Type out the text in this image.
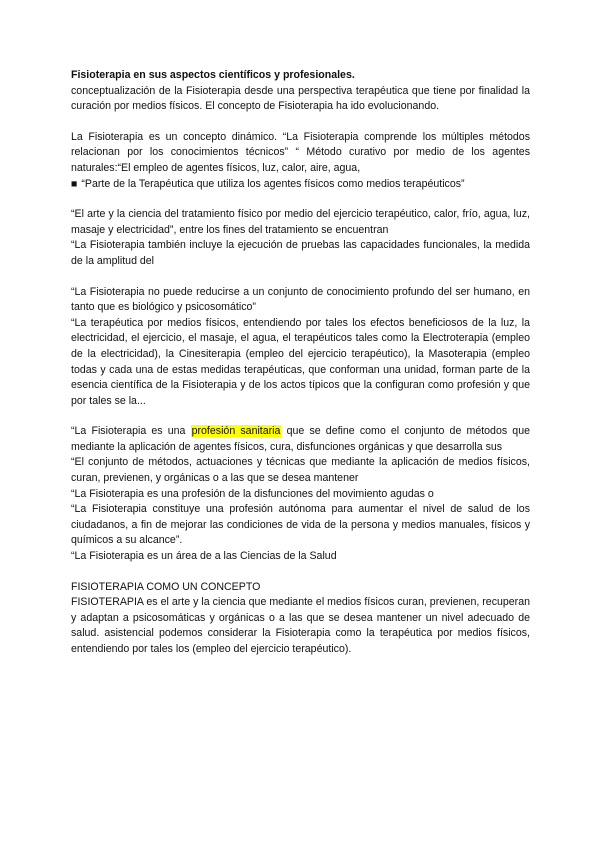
Fisioterapia en sus aspectos científicos y profesionales.

conceptualización de la Fisioterapia desde una perspectiva terapéutica que tiene por finalidad la curación por medios físicos. El concepto de Fisioterapia ha ido evolucionando.

La Fisioterapia es un concepto dinámico. “La Fisioterapia comprende los múltiples métodos relacionan por los conocimientos técnicos” “ Método curativo por medio de los agentes naturales:“El empleo de agentes físicos, luz, calor, aire, agua,

■ “Parte de la Terapéutica que utiliza los agentes físicos como medios terapéuticos”

“El arte y la ciencia del tratamiento físico por medio del ejercicio terapéutico, calor, frío, agua, luz, masaje y electricidad”, entre los fines del tratamiento se encuentran

“La Fisioterapia también incluye la ejecución de pruebas las capacidades funcionales, la medida de la amplitud del

“La Fisioterapia no puede reducirse a un conjunto de conocimiento profundo del ser humano, en tanto que es biológico y psicosomático”

“La terapéutica por medios físicos, entendiendo por tales los efectos beneficiosos de la luz, la electricidad, el ejercicio, el masaje, el agua, el terapéuticos tales como la Electroterapia (empleo de la electricidad), la Cinesiterapia (empleo del ejercicio terapéutico), la Masoterapia (empleo todas y cada una de estas medidas terapéuticas, que conforman una unidad, forman parte de la esencia científica de la Fisioterapia y de los actos típicos que la configuran como profesión y que por tales se la...

“La Fisioterapia es una profesión sanitaria que se define como el conjunto de métodos que mediante la aplicación de agentes físicos, cura, disfunciones orgánicas y que desarrolla sus

“El conjunto de métodos, actuaciones y técnicas que mediante la aplicación de medios físicos, curan, previenen, y orgánicas o a las que se desea mantener

“La Fisioterapia es una profesión de la disfunciones del movimiento agudas o

“La Fisioterapia constituye una profesión autónoma para aumentar el nivel de salud de los ciudadanos, a fin de mejorar las condiciones de vida de la persona y medios manuales, físicos y químicos a su alcance”.

“La Fisioterapia es un área de a las Ciencias de la Salud

FISIOTERAPIA COMO UN CONCEPTO

FISIOTERAPIA es el arte y la ciencia que mediante el medios físicos curan, previenen, recuperan y adaptan a psicosomáticas y orgánicas o a las que se desea mantener un nivel adecuado de salud. asistencial podemos considerar la Fisioterapia como la terapéutica por medios físicos, entendiendo por tales los (empleo del ejercicio terapéutico).
